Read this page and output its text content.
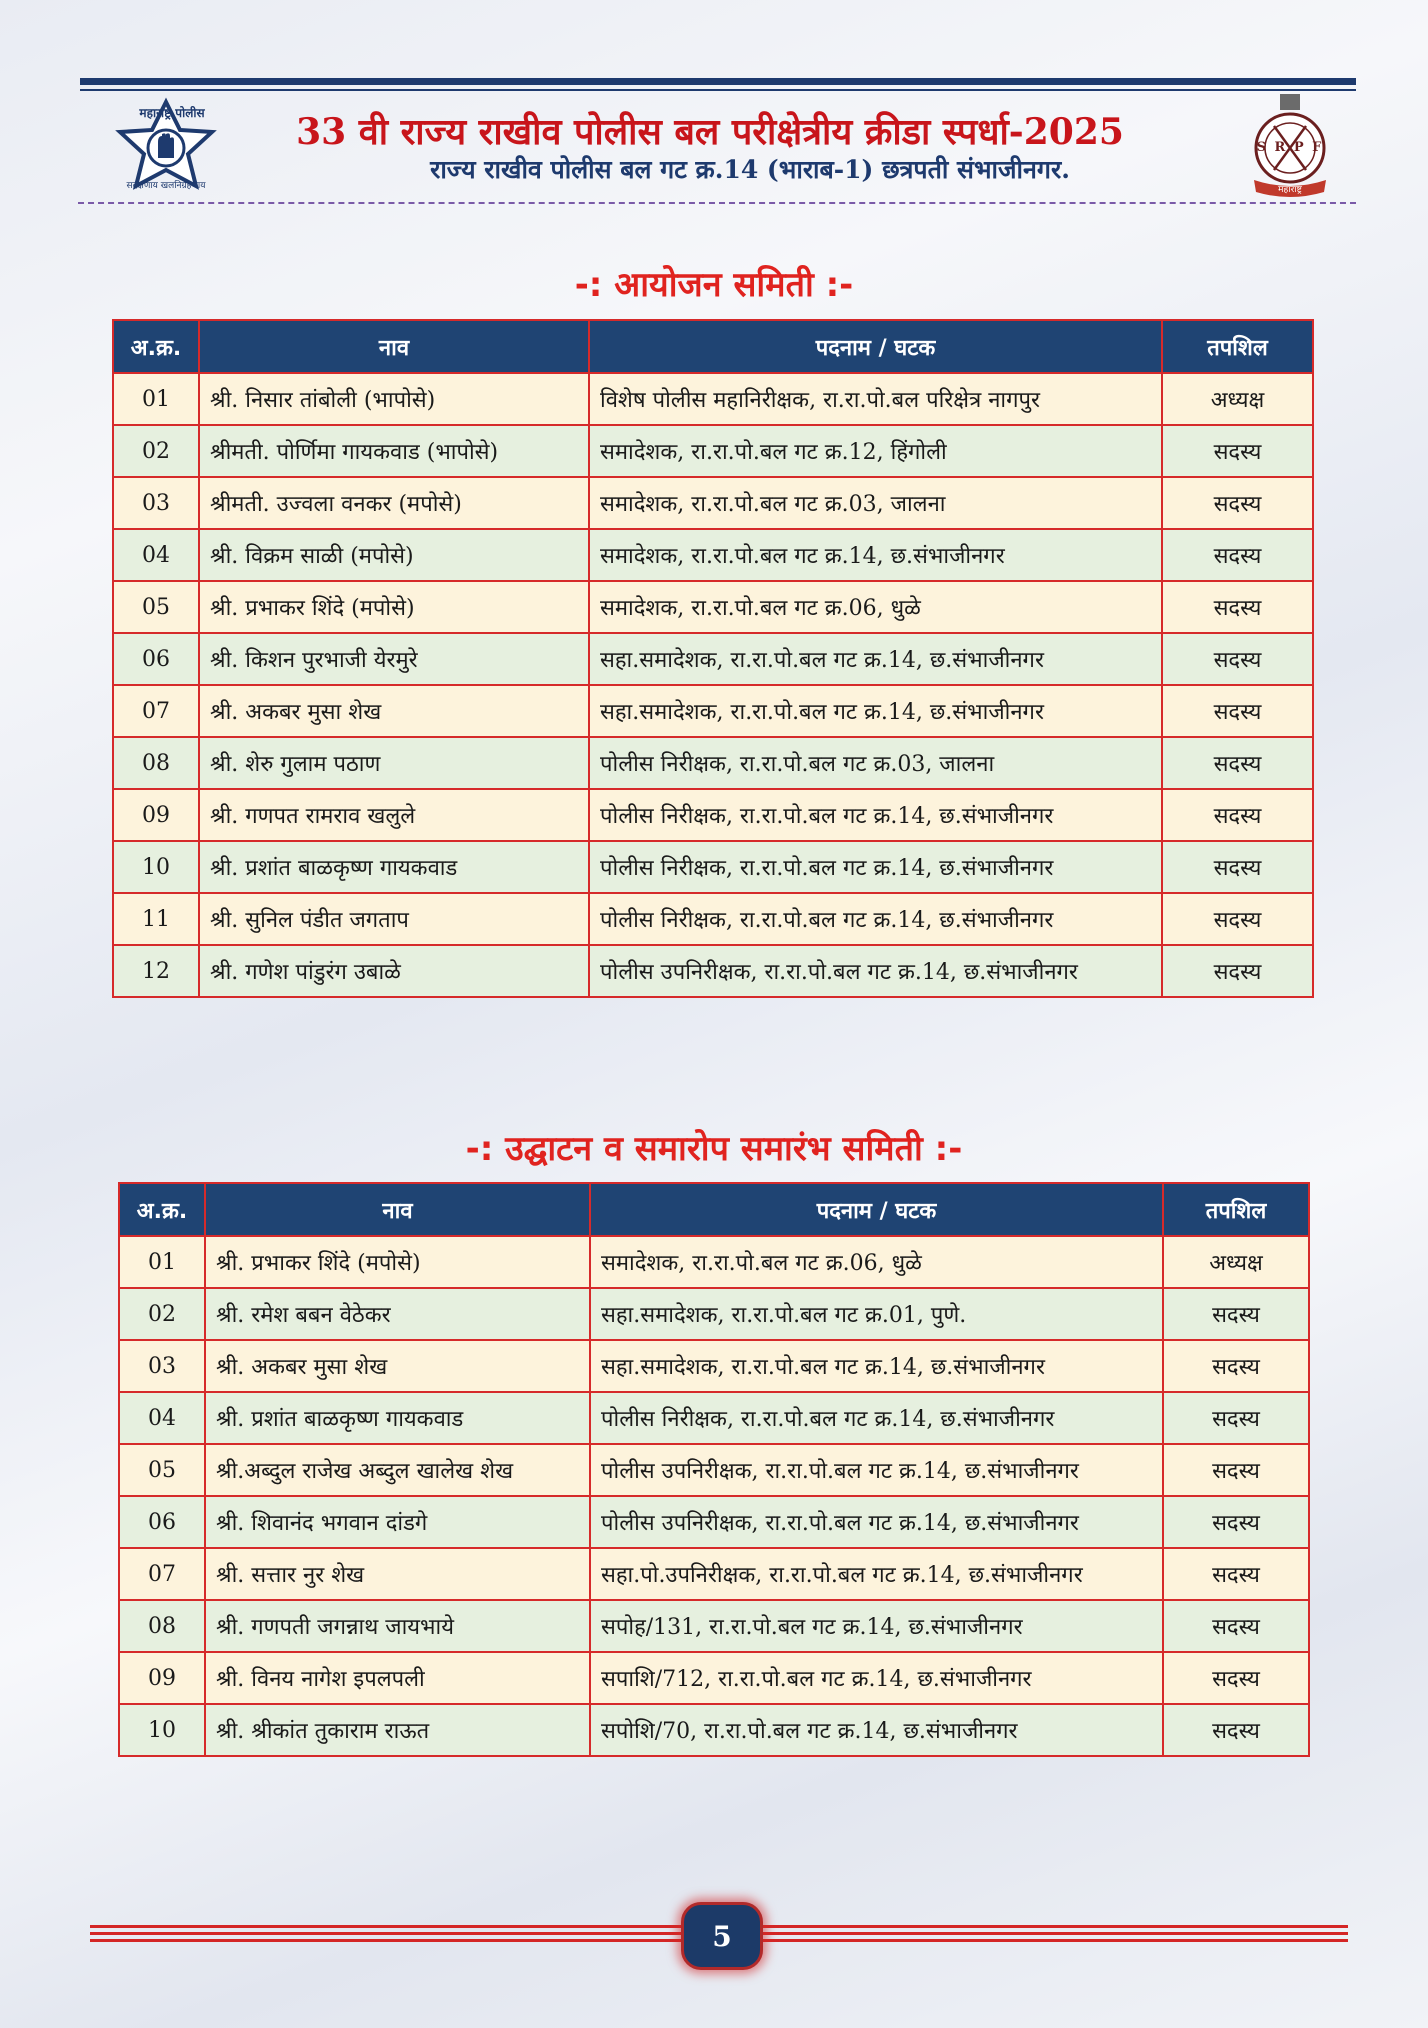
महाराष्ट्र पोलीस
सद्रक्षणाय खलनिग्रहणाय
S R P F
महाराष्ट्र
33 वी राज्य राखीव पोलीस बल परीक्षेत्रीय क्रीडा स्पर्धा-2025
राज्य राखीव पोलीस बल गट क्र.14 (भाराब-1) छत्रपती संभाजीनगर.
-: आयोजन समिती :-
अ.क्र.	नाव	पदनाम / घटक	तपशिल
01	श्री. निसार तांबोली (भापोसे)	विशेष पोलीस महानिरीक्षक, रा.रा.पो.बल परिक्षेत्र नागपुर	अध्यक्ष
02	श्रीमती. पोर्णिमा गायकवाड (भापोसे)	समादेशक, रा.रा.पो.बल गट क्र.12, हिंगोली	सदस्य
03	श्रीमती. उज्वला वनकर (मपोसे)	समादेशक, रा.रा.पो.बल गट क्र.03, जालना	सदस्य
04	श्री. विक्रम साळी (मपोसे)	समादेशक, रा.रा.पो.बल गट क्र.14, छ.संभाजीनगर	सदस्य
05	श्री. प्रभाकर शिंदे (मपोसे)	समादेशक, रा.रा.पो.बल गट क्र.06, धुळे	सदस्य
06	श्री. किशन पुरभाजी येरमुरे	सहा.समादेशक, रा.रा.पो.बल गट क्र.14, छ.संभाजीनगर	सदस्य
07	श्री. अकबर मुसा शेख	सहा.समादेशक, रा.रा.पो.बल गट क्र.14, छ.संभाजीनगर	सदस्य
08	श्री. शेरु गुलाम पठाण	पोलीस निरीक्षक, रा.रा.पो.बल गट क्र.03, जालना	सदस्य
09	श्री. गणपत रामराव खलुले	पोलीस निरीक्षक, रा.रा.पो.बल गट क्र.14, छ.संभाजीनगर	सदस्य
10	श्री. प्रशांत बाळकृष्ण गायकवाड	पोलीस निरीक्षक, रा.रा.पो.बल गट क्र.14, छ.संभाजीनगर	सदस्य
11	श्री. सुनिल पंडीत जगताप	पोलीस निरीक्षक, रा.रा.पो.बल गट क्र.14, छ.संभाजीनगर	सदस्य
12	श्री. गणेश पांडुरंग उबाळे	पोलीस उपनिरीक्षक, रा.रा.पो.बल गट क्र.14, छ.संभाजीनगर	सदस्य
-: उद्घाटन व समारोप समारंभ समिती :-
अ.क्र.	नाव	पदनाम / घटक	तपशिल
01	श्री. प्रभाकर शिंदे (मपोसे)	समादेशक, रा.रा.पो.बल गट क्र.06, धुळे	अध्यक्ष
02	श्री. रमेश बबन वेठेकर	सहा.समादेशक, रा.रा.पो.बल गट क्र.01, पुणे.	सदस्य
03	श्री. अकबर मुसा शेख	सहा.समादेशक, रा.रा.पो.बल गट क्र.14, छ.संभाजीनगर	सदस्य
04	श्री. प्रशांत बाळकृष्ण गायकवाड	पोलीस निरीक्षक, रा.रा.पो.बल गट क्र.14, छ.संभाजीनगर	सदस्य
05	श्री.अब्दुल राजेख अब्दुल खालेख शेख	पोलीस उपनिरीक्षक, रा.रा.पो.बल गट क्र.14, छ.संभाजीनगर	सदस्य
06	श्री. शिवानंद भगवान दांडगे	पोलीस उपनिरीक्षक, रा.रा.पो.बल गट क्र.14, छ.संभाजीनगर	सदस्य
07	श्री. सत्तार नुर शेख	सहा.पो.उपनिरीक्षक, रा.रा.पो.बल गट क्र.14, छ.संभाजीनगर	सदस्य
08	श्री. गणपती जगन्नाथ जायभाये	सपोह/131, रा.रा.पो.बल गट क्र.14, छ.संभाजीनगर	सदस्य
09	श्री. विनय नागेश इपलपली	सपाशि/712, रा.रा.पो.बल गट क्र.14, छ.संभाजीनगर	सदस्य
10	श्री. श्रीकांत तुकाराम राऊत	सपोशि/70, रा.रा.पो.बल गट क्र.14, छ.संभाजीनगर	सदस्य
5
